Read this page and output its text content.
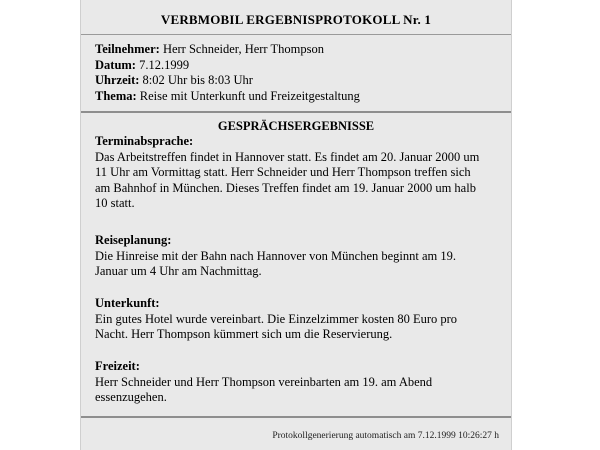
VERBMOBIL ERGEBNISPROTOKOLL Nr. 1
Teilnehmer: Herr Schneider, Herr Thompson
Datum: 7.12.1999
Uhrzeit: 8:02 Uhr bis 8:03 Uhr
Thema: Reise mit Unterkunft und Freizeitgestaltung
GESPRÄCHSERGEBNISSE
Terminabsprache:
Das Arbeitstreffen findet in Hannover statt. Es findet am 20. Januar 2000 um
11 Uhr am Vormittag statt. Herr Schneider und Herr Thompson treffen sich
am Bahnhof in München. Dieses Treffen findet am 19. Januar 2000 um halb
10 statt.
Reiseplanung:
Die Hinreise mit der Bahn nach Hannover von München beginnt am 19.
Januar um 4 Uhr am Nachmittag.
Unterkunft:
Ein gutes Hotel wurde vereinbart. Die Einzelzimmer kosten 80 Euro pro
Nacht. Herr Thompson kümmert sich um die Reservierung.
Freizeit:
Herr Schneider und Herr Thompson vereinbarten am 19. am Abend
essenzugehen.
Protokollgenerierung automatisch am 7.12.1999 10:26:27 h
